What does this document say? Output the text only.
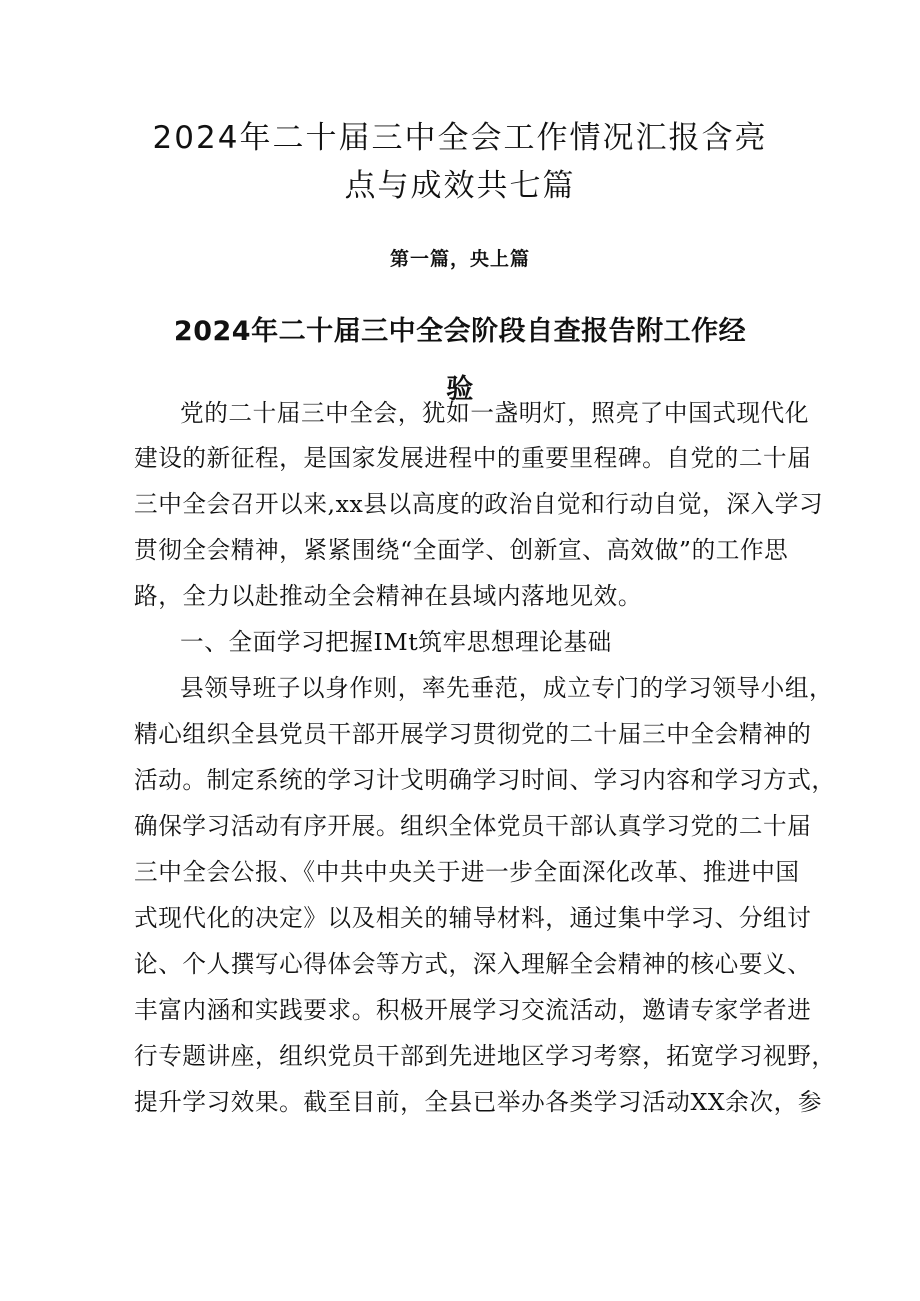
2024年二十届三中全会工作情况汇报含亮
点与成效共七篇
第一篇，央上篇
2024年二十届三中全会阶段自查报告附工作经
验
党的二十届三中全会，犹如一盏明灯，照亮了中国式现代化
建设的新征程，是国家发展进程中的重要里程碑。自党的二十届
三中全会召开以来,xx县以高度的政治自觉和行动自觉，深入学习
贯彻全会精神，紧紧围绕“全面学、创新宣、高效做”的工作思
路，全力以赴推动全会精神在县域内落地见效。
一、全面学习把握IMt筑牢思想理论基础
县领导班子以身作则，率先垂范，成立专门的学习领导小组，
精心组织全县党员干部开展学习贯彻党的二十届三中全会精神的
活动。制定系统的学习计戈明确学习时间、学习内容和学习方式，
确保学习活动有序开展。组织全体党员干部认真学习党的二十届
三中全会公报、《中共中央关于进一步全面深化改革、推进中国
式现代化的决定》以及相关的辅导材料，通过集中学习、分组讨
论、个人撰写心得体会等方式，深入理解全会精神的核心要义、
丰富内涵和实践要求。积极开展学习交流活动，邀请专家学者进
行专题讲座，组织党员干部到先进地区学习考察，拓宽学习视野，
提升学习效果。截至目前，全县已举办各类学习活动XX余次，参
